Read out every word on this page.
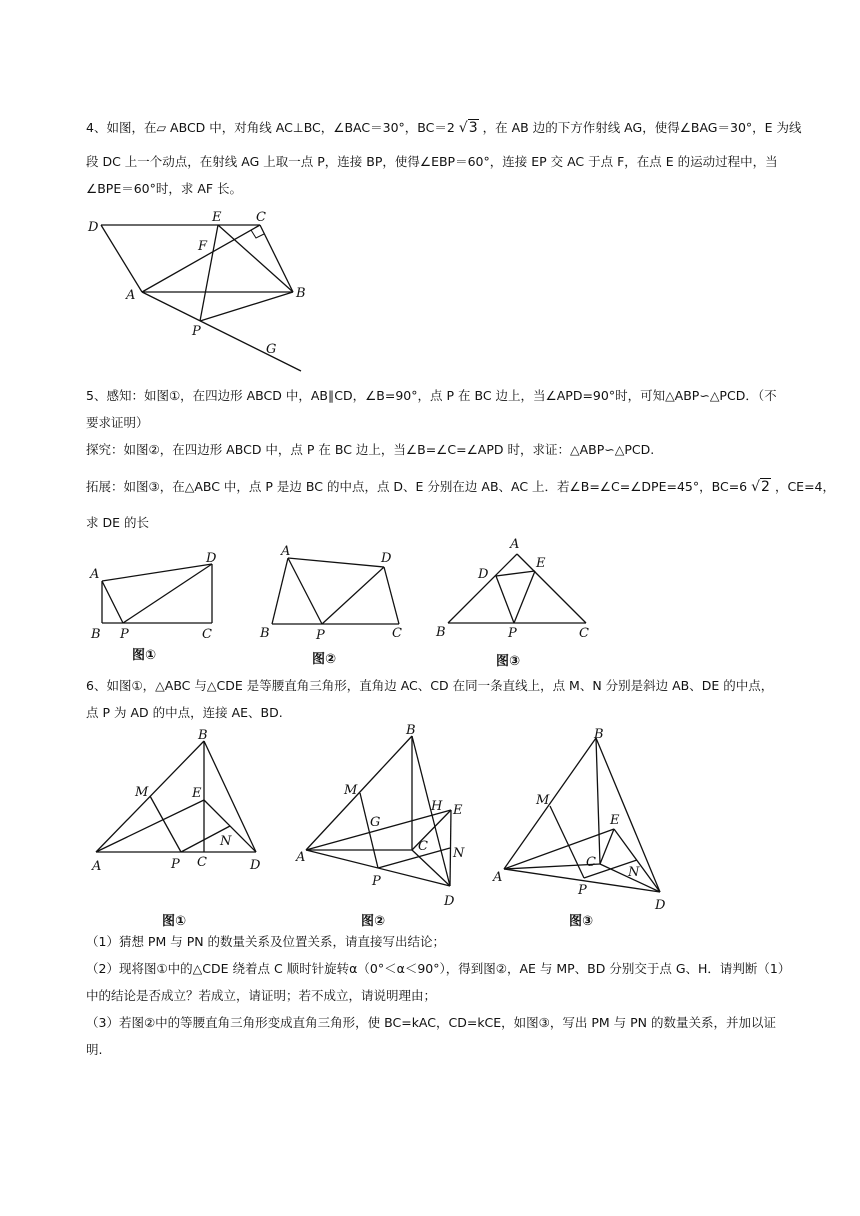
4、如图，在▱ ABCD 中，对角线 AC⊥BC，∠BAC＝30°，BC＝2 √3 ，在 AB 边的下方作射线 AG，使得∠BAG＝30°，E 为线
段 DC 上一个动点，在射线 AG 上取一点 P，连接 BP，使得∠EBP＝60°，连接 EP 交 AC 于点 F，在点 E 的运动过程中，当
∠BPE＝60°时，求 AF 长。
D
E	C
F
A	B
P
G
5、感知：如图①，在四边形 ABCD 中，AB∥CD，∠B=90°，点 P 在 BC 边上，当∠APD=90°时，可知△ABP∽△PCD．（不
要求证明）
探究：如图②，在四边形 ABCD 中，点 P 在 BC 边上，当∠B=∠C=∠APD 时，求证：△ABP∽△PCD.
拓展：如图③，在△ABC 中，点 P 是边 BC 的中点，点 D、E 分别在边 AB、AC 上．若∠B=∠C=∠DPE=45°，BC=6 √2 ，CE=4，
求 DE 的长
A
B P	C
D
图①
A	D
B	P	C
图②
A
D
E
B	P	C
图③
6、如图①，△ABC 与△CDE 是等腰直角三角形，直角边 AC、CD 在同一条直线上，点 M、N 分别是斜边 AB、DE 的中点，
点 P 为 AD 的中点，连接 AE、BD.
B
M	E
N
A	P C	D
图①
B
M
G
H E
C N
A
P
D
图②
B
M
E
C
N
A
P
D
图③
（1）猜想 PM 与 PN 的数量关系及位置关系，请直接写出结论；
（2）现将图①中的△CDE 绕着点 C 顺时针旋转α（0°＜α＜90°），得到图②，AE 与 MP、BD 分别交于点 G、H．请判断（1）
中的结论是否成立？若成立，请证明；若不成立，请说明理由；
（3）若图②中的等腰直角三角形变成直角三角形，使 BC=kAC，CD=kCE，如图③，写出 PM 与 PN 的数量关系，并加以证
明.
